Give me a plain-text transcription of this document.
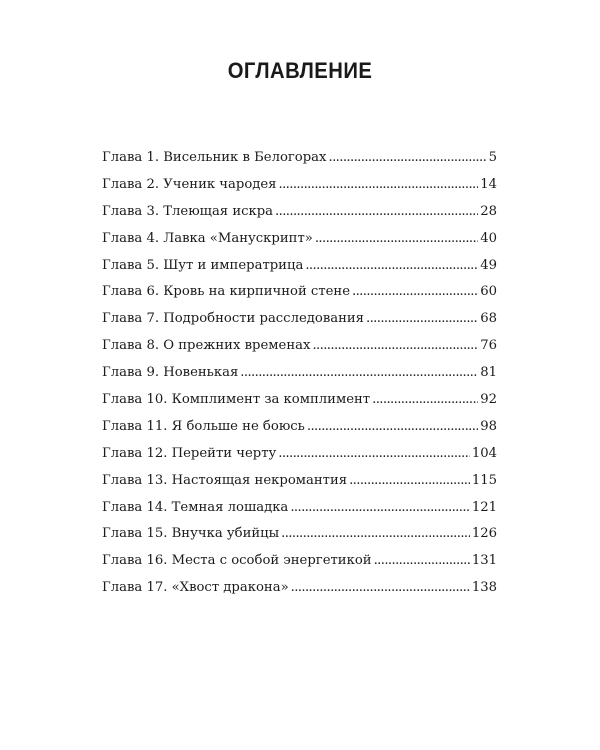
ОГЛАВЛЕНИЕ
Глава 1. Висельник в Белогорах . . .	5
Глава 2. Ученик чародея . . .	14
Глава 3. Тлеющая искра . . .	28
Глава 4. Лавка «Манускрипт» . . .	40
Глава 5. Шут и императрица . . .	49
Глава 6. Кровь на кирпичной стене . . .	60
Глава 7. Подробности расследования . . .	68
Глава 8. О прежних временах . . .	76
Глава 9. Новенькая . . .	81
Глава 10. Комплимент за комплимент . . .	92
Глава 11. Я больше не боюсь . . .	98
Глава 12. Перейти черту . . .	104
Глава 13. Настоящая некромантия . . .	115
Глава 14. Темная лошадка . . .	121
Глава 15. Внучка убийцы . . .	126
Глава 16. Места с особой энергетикой . . .	131
Глава 17. «Хвост дракона» . . .	138
